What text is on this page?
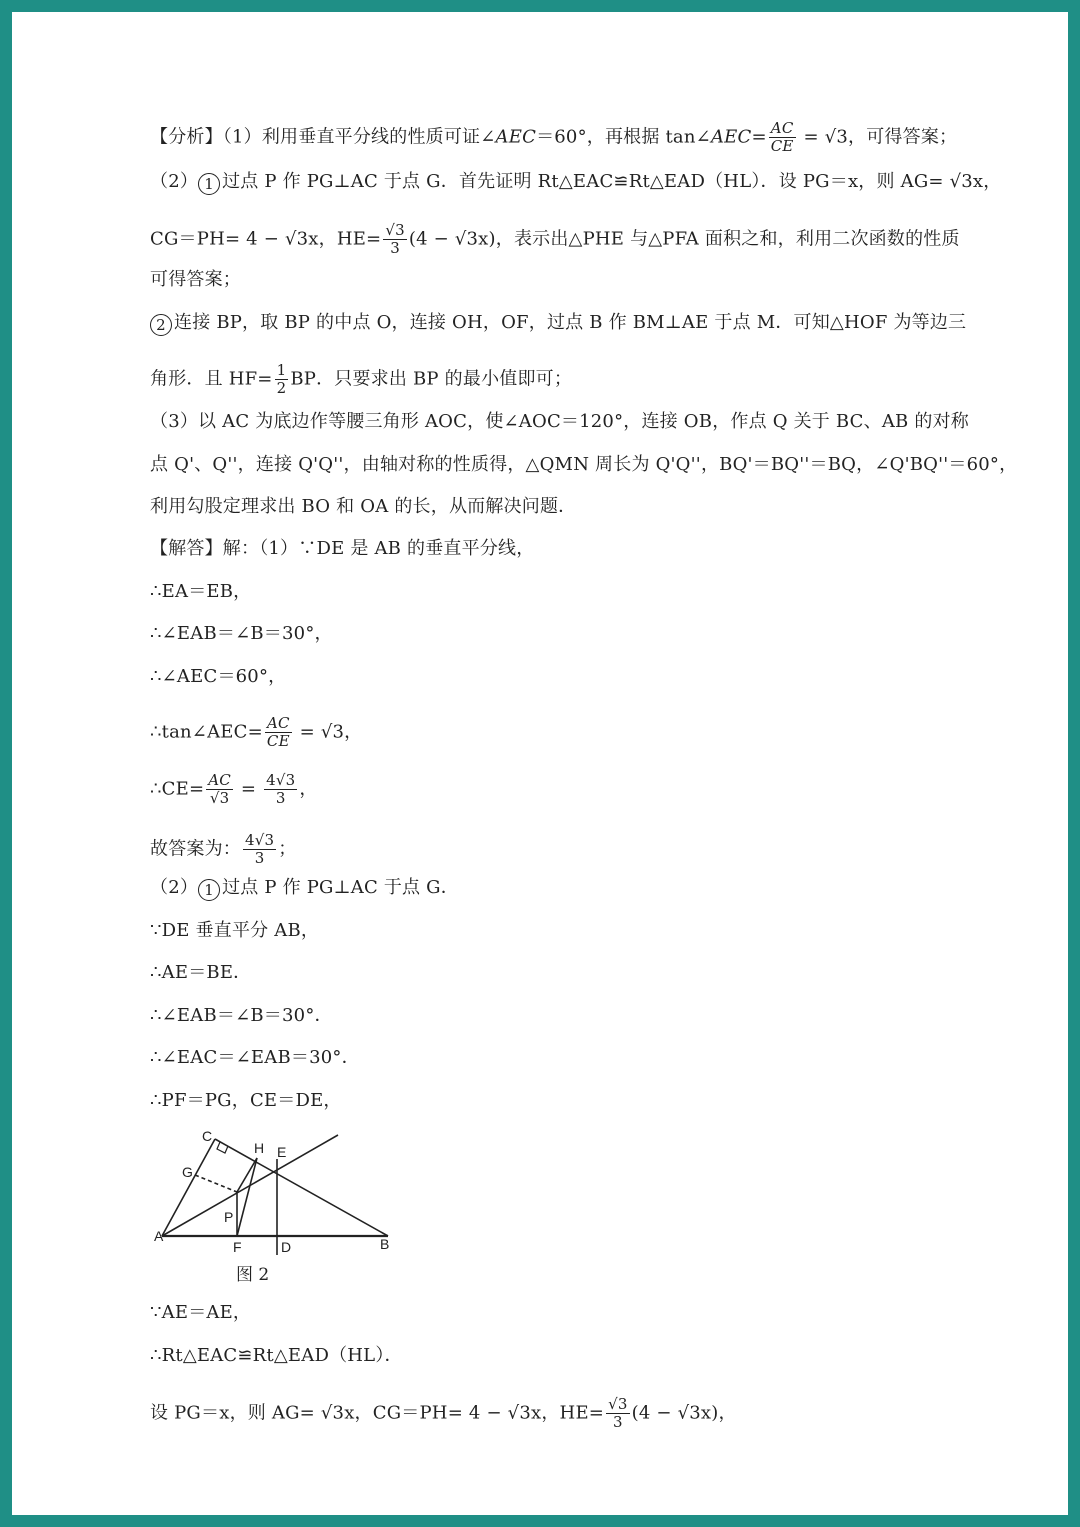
【分析】（1）利用垂直平分线的性质可证∠AEC＝60°，再根据 tan∠AEC= $\frac{AC}{CE} = √3$，可得答案；
（2） 1 过点 P 作 PG⊥AC 于点 G．首先证明 Rt△EAC≌Rt△EAD（HL）．设 PG＝x，则 AG= √3x，
CG＝PH= 4 − √3x，$HE= \frac{√3}{3} (4 - √3x)$，表示出△PHE 与△PFA 面积之和，利用二次函数的性质
可得答案；
2 连接 BP，取 BP 的中点 O，连接 OH，OF，过点 B 作 BM⊥AE 于点 M．可知△HOF 为等边三
角形．且 $HF= \frac{1}{2}$ BP．只要求出 BP 的最小值即可；
（3）以 AC 为底边作等腰三角形 AOC，使∠AOC＝120°，连接 OB，作点 Q 关于 BC、AB 的对称
点 Q'、Q''，连接 Q'Q''，由轴对称的性质得，△QMN 周长为 Q'Q''，BQ'＝BQ''＝BQ，∠Q'BQ''＝60°，
利用勾股定理求出 BO 和 OA 的长，从而解决问题．
【解答】解：（1）∵DE 是 AB 的垂直平分线，
∴EA＝EB，
∴∠EAB＝∠B＝30°，
∴∠AEC＝60°，
∴tan∠AEC= $\frac{AC}{CE} = √3$，
∴CE= $\frac{AC}{√3} = \frac{4√3}{3}$ ，
故答案为： $\frac{4√3}{3}$ ；
（2） 1 过点 P 作 PG⊥AC 于点 G．
∵DE 垂直平分 AB，
∴AE＝BE．
∴∠EAB＝∠B＝30°．
∴∠EAC＝∠EAB＝30°．
∴PF＝PG，CE＝DE，
C
H E
G
P
A
F	D	B
图 2
∵AE＝AE，
∴Rt△EAC≌Rt△EAD（HL）．
设 PG＝x，则 AG= √3x，CG＝PH= 4 − √3x，$HE= \frac{√3}{3} (4 - √3x)$，
